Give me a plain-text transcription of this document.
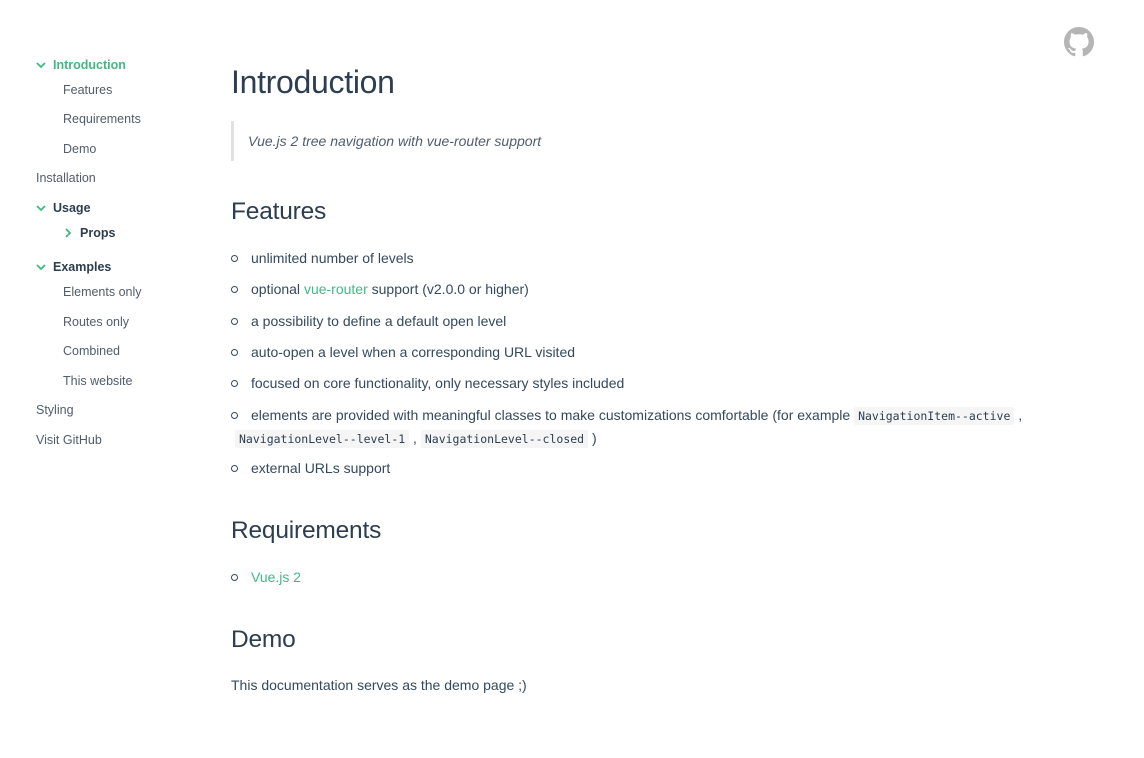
Introduction
Features
Requirements
Demo
Installation
Usage
Props
Examples
Elements only
Routes only
Combined
This website
Styling
Visit GitHub
Introduction
Vue.js 2 tree navigation with vue-router support
Features
unlimited number of levels
optional vue-router support (v2.0.0 or higher)
a possibility to define a default open level
auto-open a level when a corresponding URL visited
focused on core functionality, only necessary styles included
elements are provided with meaningful classes to make customizations comfortable (for example NavigationItem--active ,
NavigationLevel--level-1 , NavigationLevel--closed )
external URLs support
Requirements
Vue.js 2
Demo
This documentation serves as the demo page ;)
